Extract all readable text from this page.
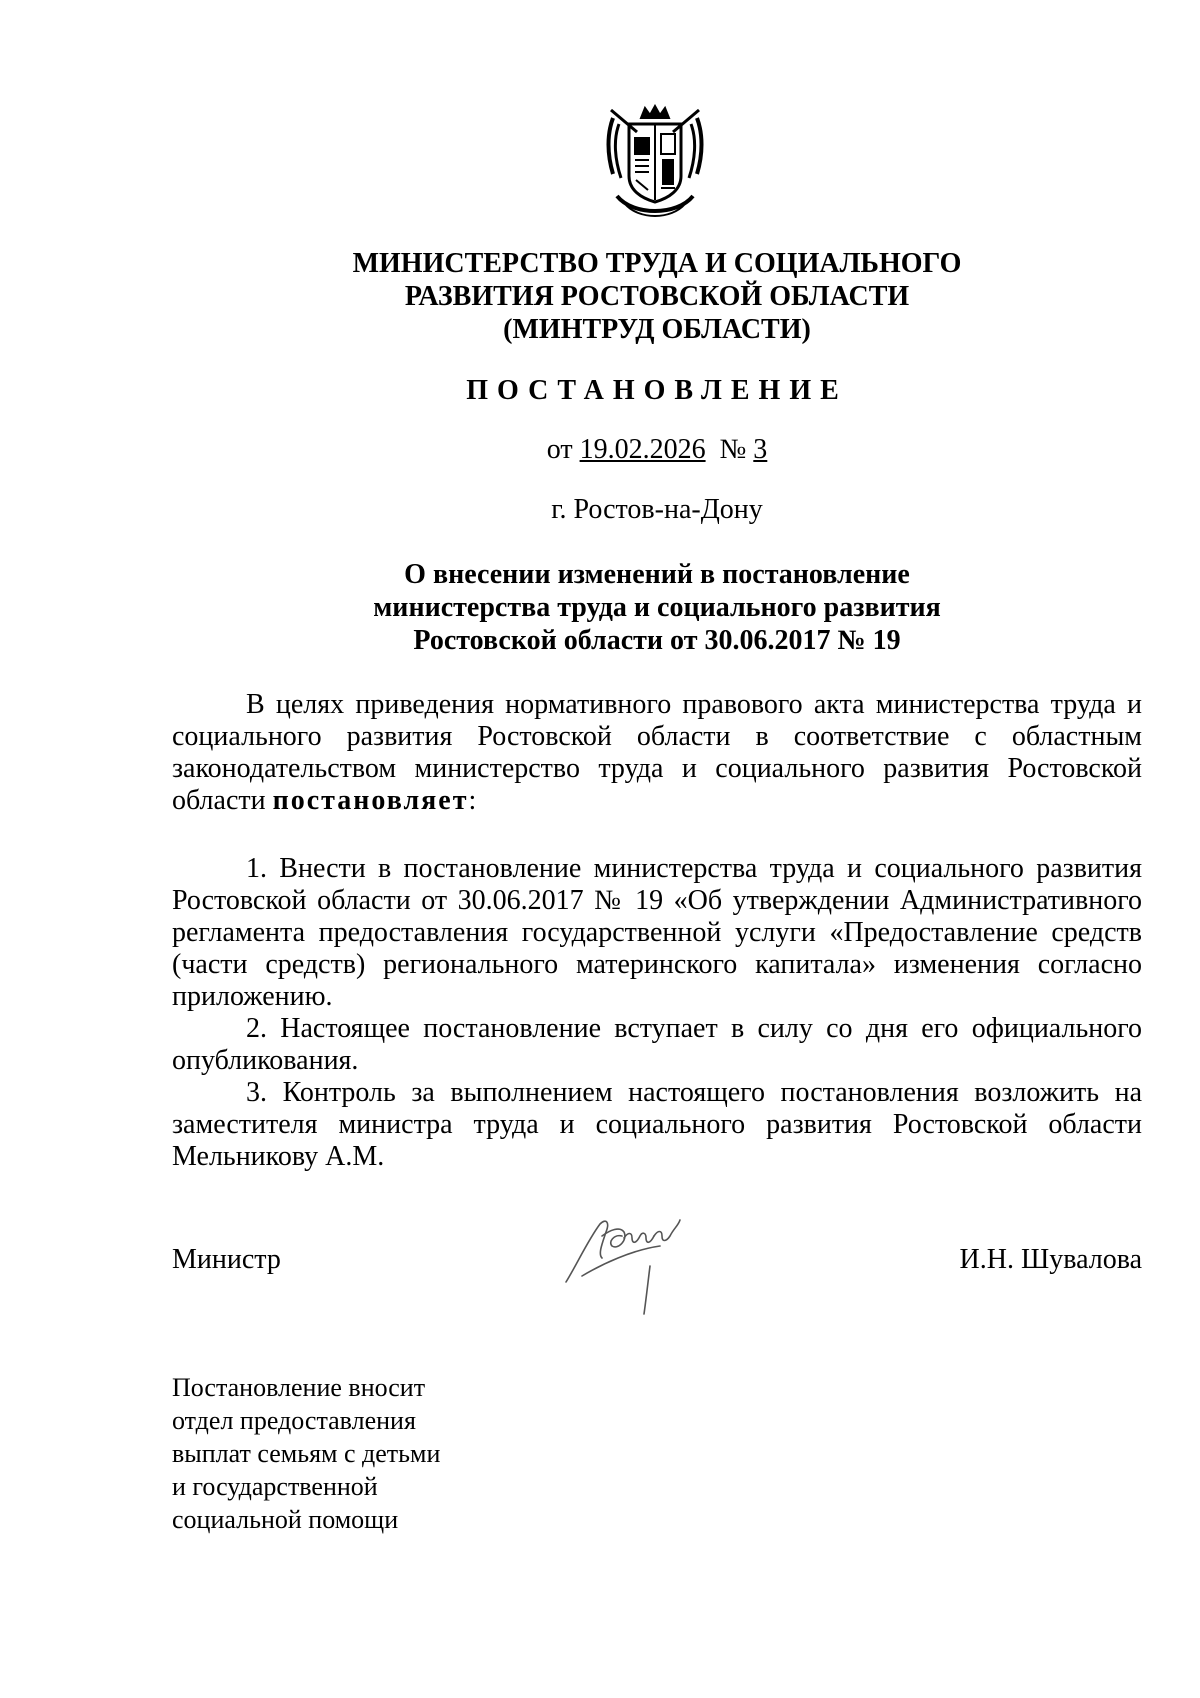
МИНИСТЕРСТВО ТРУДА И СОЦИАЛЬНОГО
РАЗВИТИЯ РОСТОВСКОЙ ОБЛАСТИ
(МИНТРУД ОБЛАСТИ)
ПОСТАНОВЛЕНИЕ
от 19.02.2026 № 3
г. Ростов-на-Дону
О внесении изменений в постановление
министерства труда и социального развития
Ростовской области от 30.06.2017 № 19

В целях приведения нормативного правового акта министерства труда и социального развития Ростовской области в соответствие с областным законодательством министерство труда и социального развития Ростовской области постановляет:

1. Внести в постановление министерства труда и социального развития Ростовской области от 30.06.2017 № 19 «Об утверждении Административного регламента предоставления государственной услуги «Предоставление средств (части средств) регионального материнского капитала» изменения согласно приложению.

2. Настоящее постановление вступает в силу со дня его официального опубликования.

3. Контроль за выполнением настоящего постановления возложить на заместителя министра труда и социального развития Ростовской области Мельникову А.М.

Министр	И.Н. Шувалова
Постановление вносит
отдел предоставления
выплат семьям с детьми
и государственной
социальной помощи
